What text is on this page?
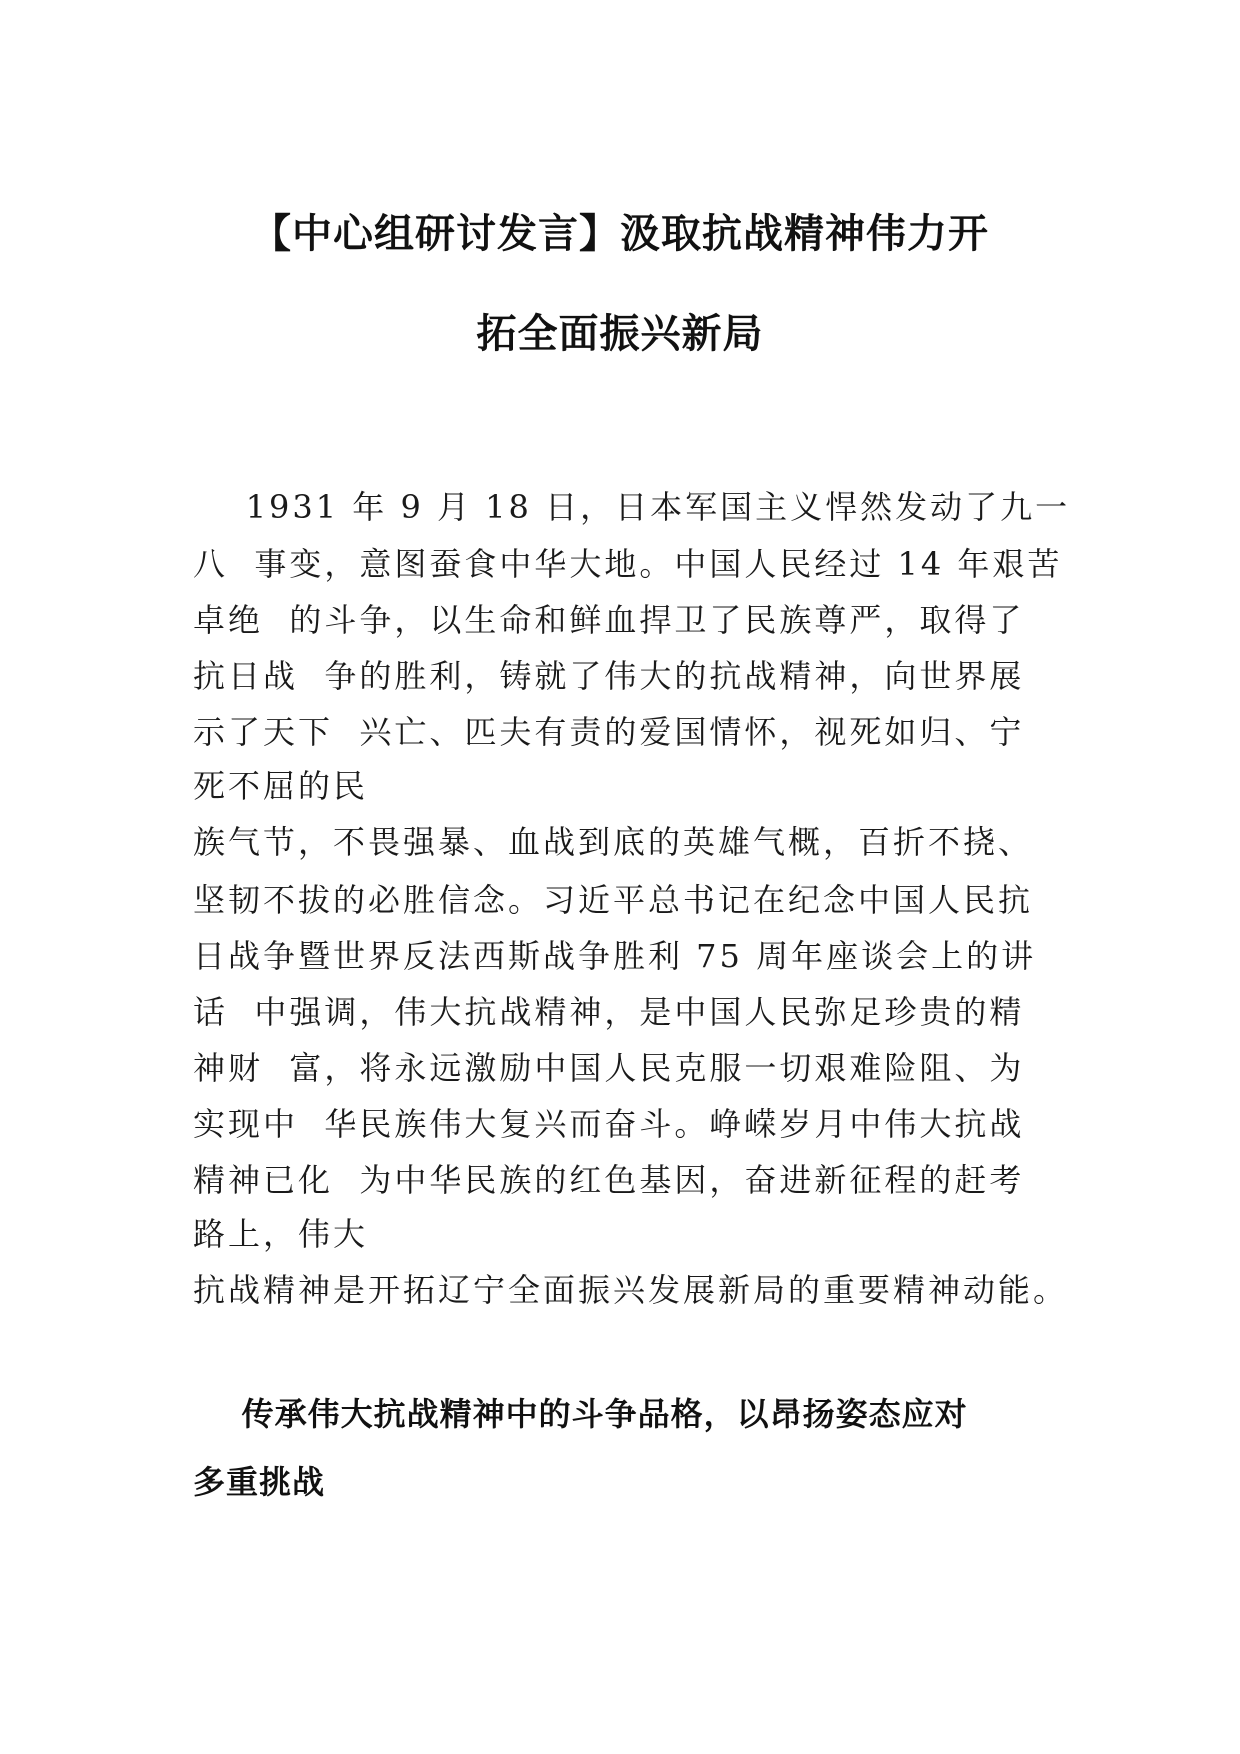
【中心组研讨发言】汲取抗战精神伟力开
拓全面振兴新局
1931 年 9 月 18 日，日本军国主义悍然发动了九一
八  事变，意图蚕食中华大地。中国人民经过 14 年艰苦
卓绝  的斗争，以生命和鲜血捍卫了民族尊严，取得了
抗日战  争的胜利，铸就了伟大的抗战精神，向世界展
示了天下  兴亡、匹夫有责的爱国情怀，视死如归、宁
死不屈的民
族气节，不畏强暴、血战到底的英雄气概，百折不挠、
坚韧不拔的必胜信念。习近平总书记在纪念中国人民抗
日战争暨世界反法西斯战争胜利 75 周年座谈会上的讲
话  中强调，伟大抗战精神，是中国人民弥足珍贵的精
神财  富，将永远激励中国人民克服一切艰难险阻、为
实现中  华民族伟大复兴而奋斗。峥嵘岁月中伟大抗战
精神已化  为中华民族的红色基因，奋进新征程的赶考
路上，伟大
抗战精神是开拓辽宁全面振兴发展新局的重要精神动能。
传承伟大抗战精神中的斗争品格，以昂扬姿态应对
多重挑战
